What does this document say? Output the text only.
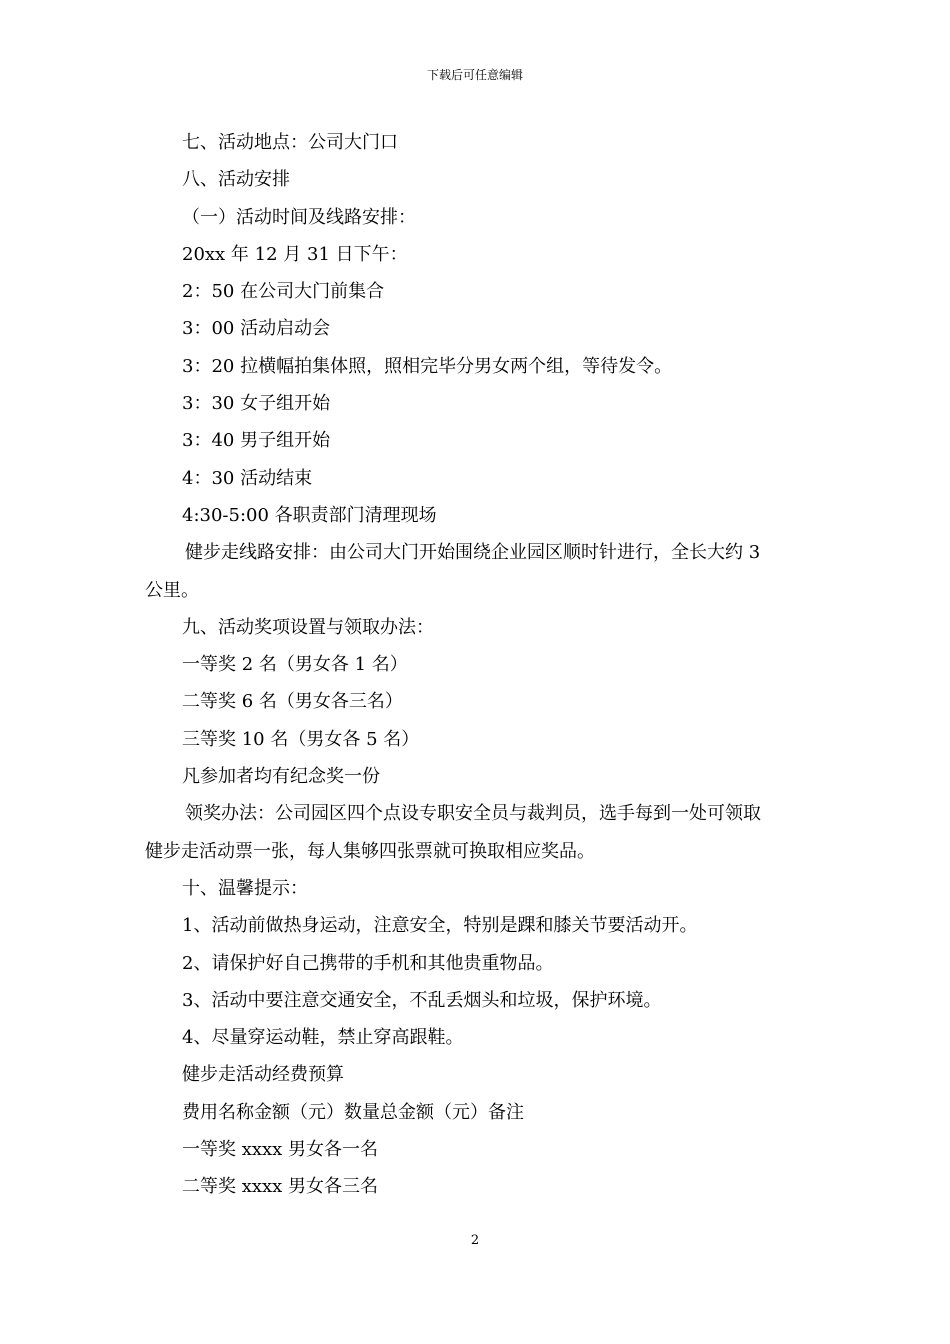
下载后可任意编辑
七、活动地点：公司大门口
八、活动安排
（一）活动时间及线路安排：
20xx 年 12 月 31 日下午：
2：50 在公司大门前集合
3：00 活动启动会
3：20 拉横幅拍集体照，照相完毕分男女两个组，等待发令。
3：30 女子组开始
3：40 男子组开始
4：30 活动结束
4:30-5:00 各职责部门清理现场
健步走线路安排：由公司大门开始围绕企业园区顺时针进行，全长大约 3
公里。
九、活动奖项设置与领取办法：
一等奖 2 名（男女各 1 名）
二等奖 6 名（男女各三名）
三等奖 10 名（男女各 5 名）
凡参加者均有纪念奖一份
领奖办法：公司园区四个点设专职安全员与裁判员，选手每到一处可领取
健步走活动票一张，每人集够四张票就可换取相应奖品。
十、温馨提示：
1、活动前做热身运动，注意安全，特别是踝和膝关节要活动开。
2、请保护好自己携带的手机和其他贵重物品。
3、活动中要注意交通安全，不乱丢烟头和垃圾，保护环境。
4、尽量穿运动鞋，禁止穿高跟鞋。
健步走活动经费预算
费用名称金额（元）数量总金额（元）备注
一等奖 xxxx 男女各一名
二等奖 xxxx 男女各三名
2
